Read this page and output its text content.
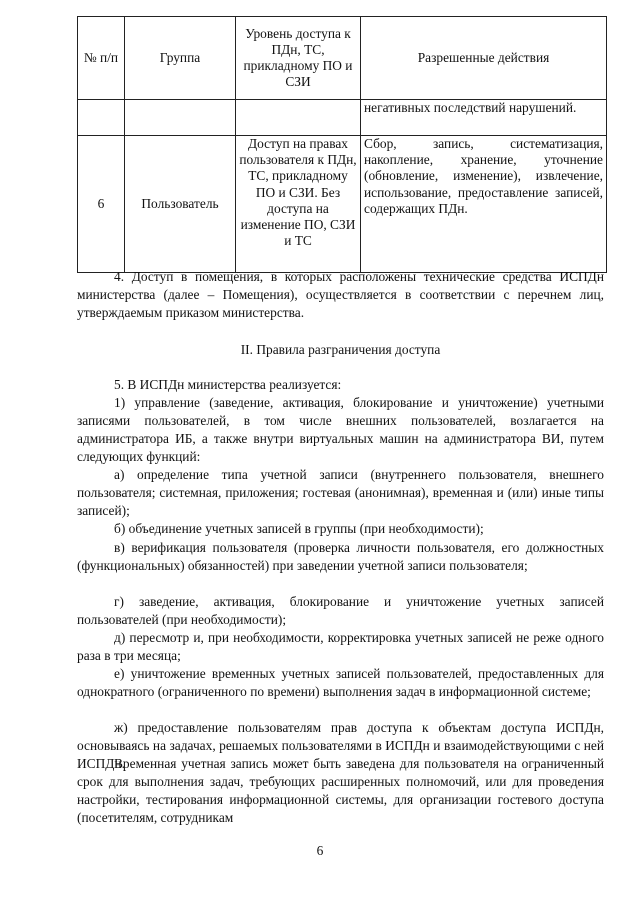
№ п/п	Группа	Уровень доступа к ПДн, ТС, прикладному ПО и СЗИ	Разрешенные действия
			негативных последствий нарушений.
6	Пользователь	Доступ на правах пользователя к ПДн, ТС, прикладному ПО и СЗИ. Без доступа на изменение ПО, СЗИ и ТС	Сбор, запись, систематизация, накопление, хранение, уточнение (обновление, изменение), извлечение, использование, предоставление записей, содержащих ПДн.

4. Доступ в помещения, в которых расположены технические средства ИСПДн министерства (далее – Помещения), осуществляется в соответствии с перечнем лиц, утверждаемым приказом министерства.

II. Правила разграничения доступа

5. В ИСПДн министерства реализуется:

1) управление (заведение, активация, блокирование и уничтожение) учетными записями пользователей, в том числе внешних пользователей, возлагается на администратора ИБ, а также внутри виртуальных машин на администратора ВИ, путем следующих функций:

а) определение типа учетной записи (внутреннего пользователя, внешнего пользователя; системная, приложения; гостевая (анонимная), временная и (или) иные типы записей);

б) объединение учетных записей в группы (при необходимости);

в) верификация пользователя (проверка личности пользователя, его должностных (функциональных) обязанностей) при заведении учетной записи пользователя;

г) заведение, активация, блокирование и уничтожение учетных записей пользователей (при необходимости);

д) пересмотр и, при необходимости, корректировка учетных записей не реже одного раза в три месяца;

е) уничтожение временных учетных записей пользователей, предоставленных для однократного (ограниченного по времени) выполнения задач в информационной системе;

ж) предоставление пользователям прав доступа к объектам доступа ИСПДн, основываясь на задачах, решаемых пользователями в ИСПДн и взаимодействующими с ней ИСПДн.

Временная учетная запись может быть заведена для пользователя на ограниченный срок для выполнения задач, требующих расширенных полномочий, или для проведения настройки, тестирования информационной системы, для организации гостевого доступа (посетителям, сотрудникам

6
